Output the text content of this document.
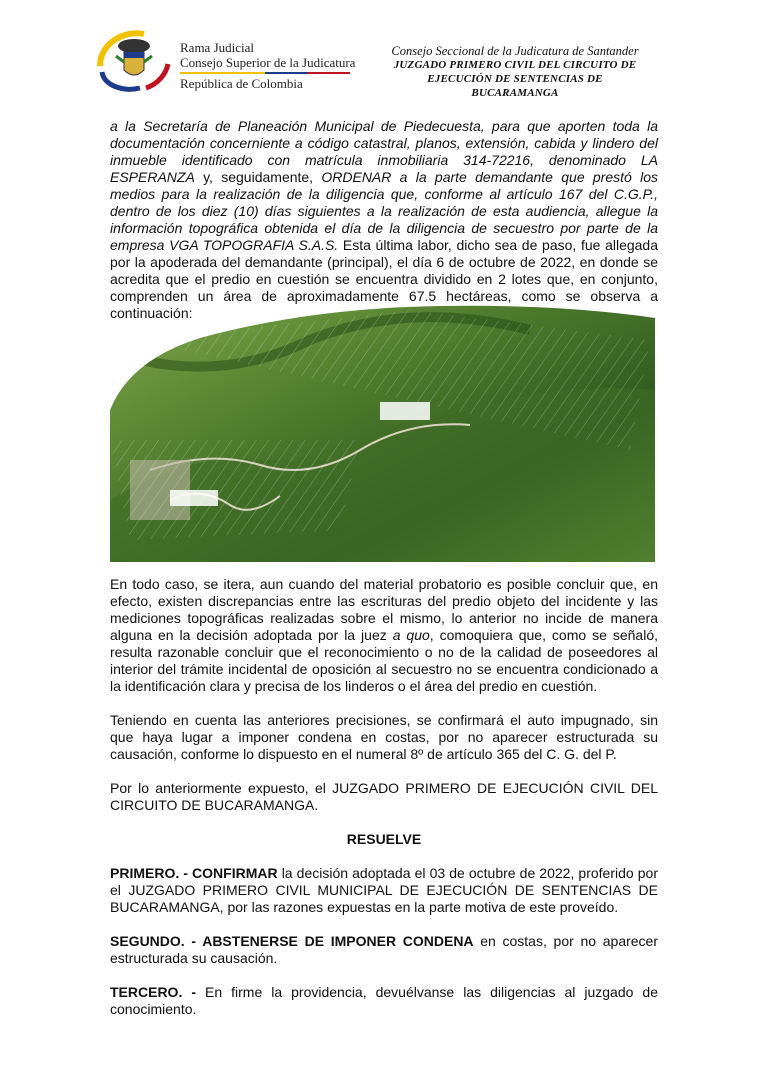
Rama Judicial
Consejo Superior de la Judicatura
República de Colombia
Consejo Seccional de la Judicatura de Santander
JUZGADO PRIMERO CIVIL DEL CIRCUITO DE
EJECUCIÓN DE SENTENCIAS DE
BUCARAMANGA

a la Secretaría de Planeación Municipal de Piedecuesta, para que aporten toda la documentación concerniente a código catastral, planos, extensión, cabida y lindero del inmueble identificado con matrícula inmobiliaria 314-72216, denominado LA ESPERANZA y, seguidamente, ORDENAR a la parte demandante que prestó los medios para la realización de la diligencia que, conforme al artículo 167 del C.G.P., dentro de los diez (10) días siguientes a la realización de esta audiencia, allegue la información topográfica obtenida el día de la diligencia de secuestro por parte de la empresa VGA TOPOGRAFIA S.A.S. Esta última labor, dicho sea de paso, fue allegada por la apoderada del demandante (principal), el día 6 de octubre de 2022, en donde se acredita que el predio en cuestión se encuentra dividido en 2 lotes que, en conjunto, comprenden un área de aproximadamente 67.5 hectáreas, como se observa a continuación:

En todo caso, se itera, aun cuando del material probatorio es posible concluir que, en efecto, existen discrepancias entre las escrituras del predio objeto del incidente y las mediciones topográficas realizadas sobre el mismo, lo anterior no incide de manera alguna en la decisión adoptada por la juez a quo, comoquiera que, como se señaló, resulta razonable concluir que el reconocimiento o no de la calidad de poseedores al interior del trámite incidental de oposición al secuestro no se encuentra condicionado a la identificación clara y precisa de los linderos o el área del predio en cuestión.

Teniendo en cuenta las anteriores precisiones, se confirmará el auto impugnado, sin que haya lugar a imponer condena en costas, por no aparecer estructurada su causación, conforme lo dispuesto en el numeral 8º de artículo 365 del C. G. del P.

Por lo anteriormente expuesto, el JUZGADO PRIMERO DE EJECUCIÓN CIVIL DEL CIRCUITO DE BUCARAMANGA.

RESUELVE

PRIMERO. - CONFIRMAR la decisión adoptada el 03 de octubre de 2022, proferido por el JUZGADO PRIMERO CIVIL MUNICIPAL DE EJECUCIÓN DE SENTENCIAS DE BUCARAMANGA, por las razones expuestas en la parte motiva de este proveído.

SEGUNDO. - ABSTENERSE DE IMPONER CONDENA en costas, por no aparecer estructurada su causación.

TERCERO. - En firme la providencia, devuélvanse las diligencias al juzgado de conocimiento.
